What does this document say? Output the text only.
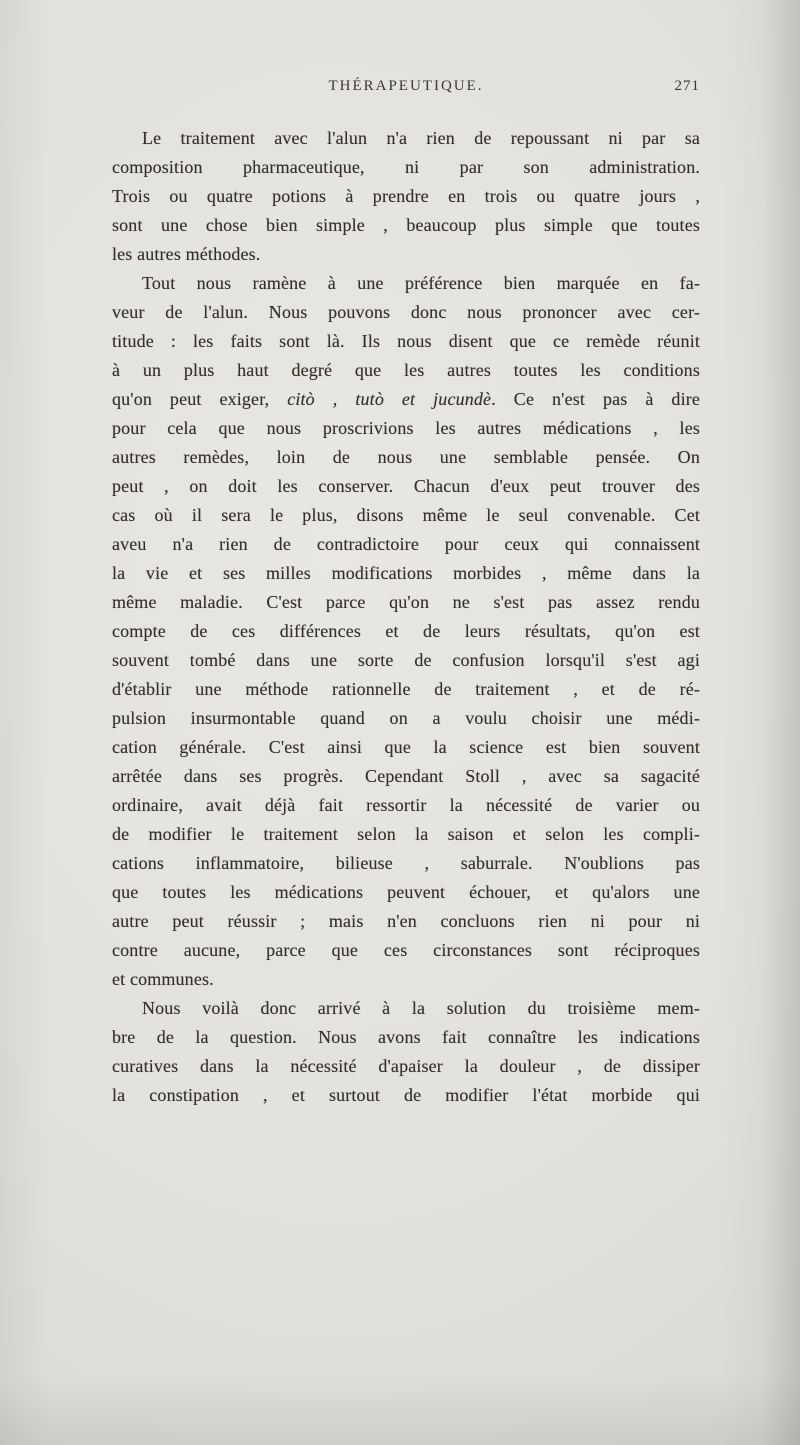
THÉRAPEUTIQUE.	271
Le traitement avec l'alun n'a rien de repoussant ni par sa
composition pharmaceutique, ni par son administration.
Trois ou quatre potions à prendre en trois ou quatre jours ,
sont une chose bien simple , beaucoup plus simple que toutes
les autres méthodes.
Tout nous ramène à une préférence bien marquée en fa-
veur de l'alun. Nous pouvons donc nous prononcer avec cer-
titude : les faits sont là. Ils nous disent que ce remède réunit
à un plus haut degré que les autres toutes les conditions
qu'on peut exiger, citò , tutò et jucundè. Ce n'est pas à dire
pour cela que nous proscrivions les autres médications , les
autres remèdes, loin de nous une semblable pensée. On
peut , on doit les conserver. Chacun d'eux peut trouver des
cas où il sera le plus, disons même le seul convenable. Cet
aveu n'a rien de contradictoire pour ceux qui connaissent
la vie et ses milles modifications morbides , même dans la
même maladie. C'est parce qu'on ne s'est pas assez rendu
compte de ces différences et de leurs résultats, qu'on est
souvent tombé dans une sorte de confusion lorsqu'il s'est agi
d'établir une méthode rationnelle de traitement , et de ré-
pulsion insurmontable quand on a voulu choisir une médi-
cation générale. C'est ainsi que la science est bien souvent
arrêtée dans ses progrès. Cependant Stoll , avec sa sagacité
ordinaire, avait déjà fait ressortir la nécessité de varier ou
de modifier le traitement selon la saison et selon les compli-
cations inflammatoire, bilieuse , saburrale. N'oublions pas
que toutes les médications peuvent échouer, et qu'alors une
autre peut réussir ; mais n'en concluons rien ni pour ni
contre aucune, parce que ces circonstances sont réciproques
et communes.
Nous voilà donc arrivé à la solution du troisième mem-
bre de la question. Nous avons fait connaître les indications
curatives dans la nécessité d'apaiser la douleur , de dissiper
la constipation , et surtout de modifier l'état morbide qui
